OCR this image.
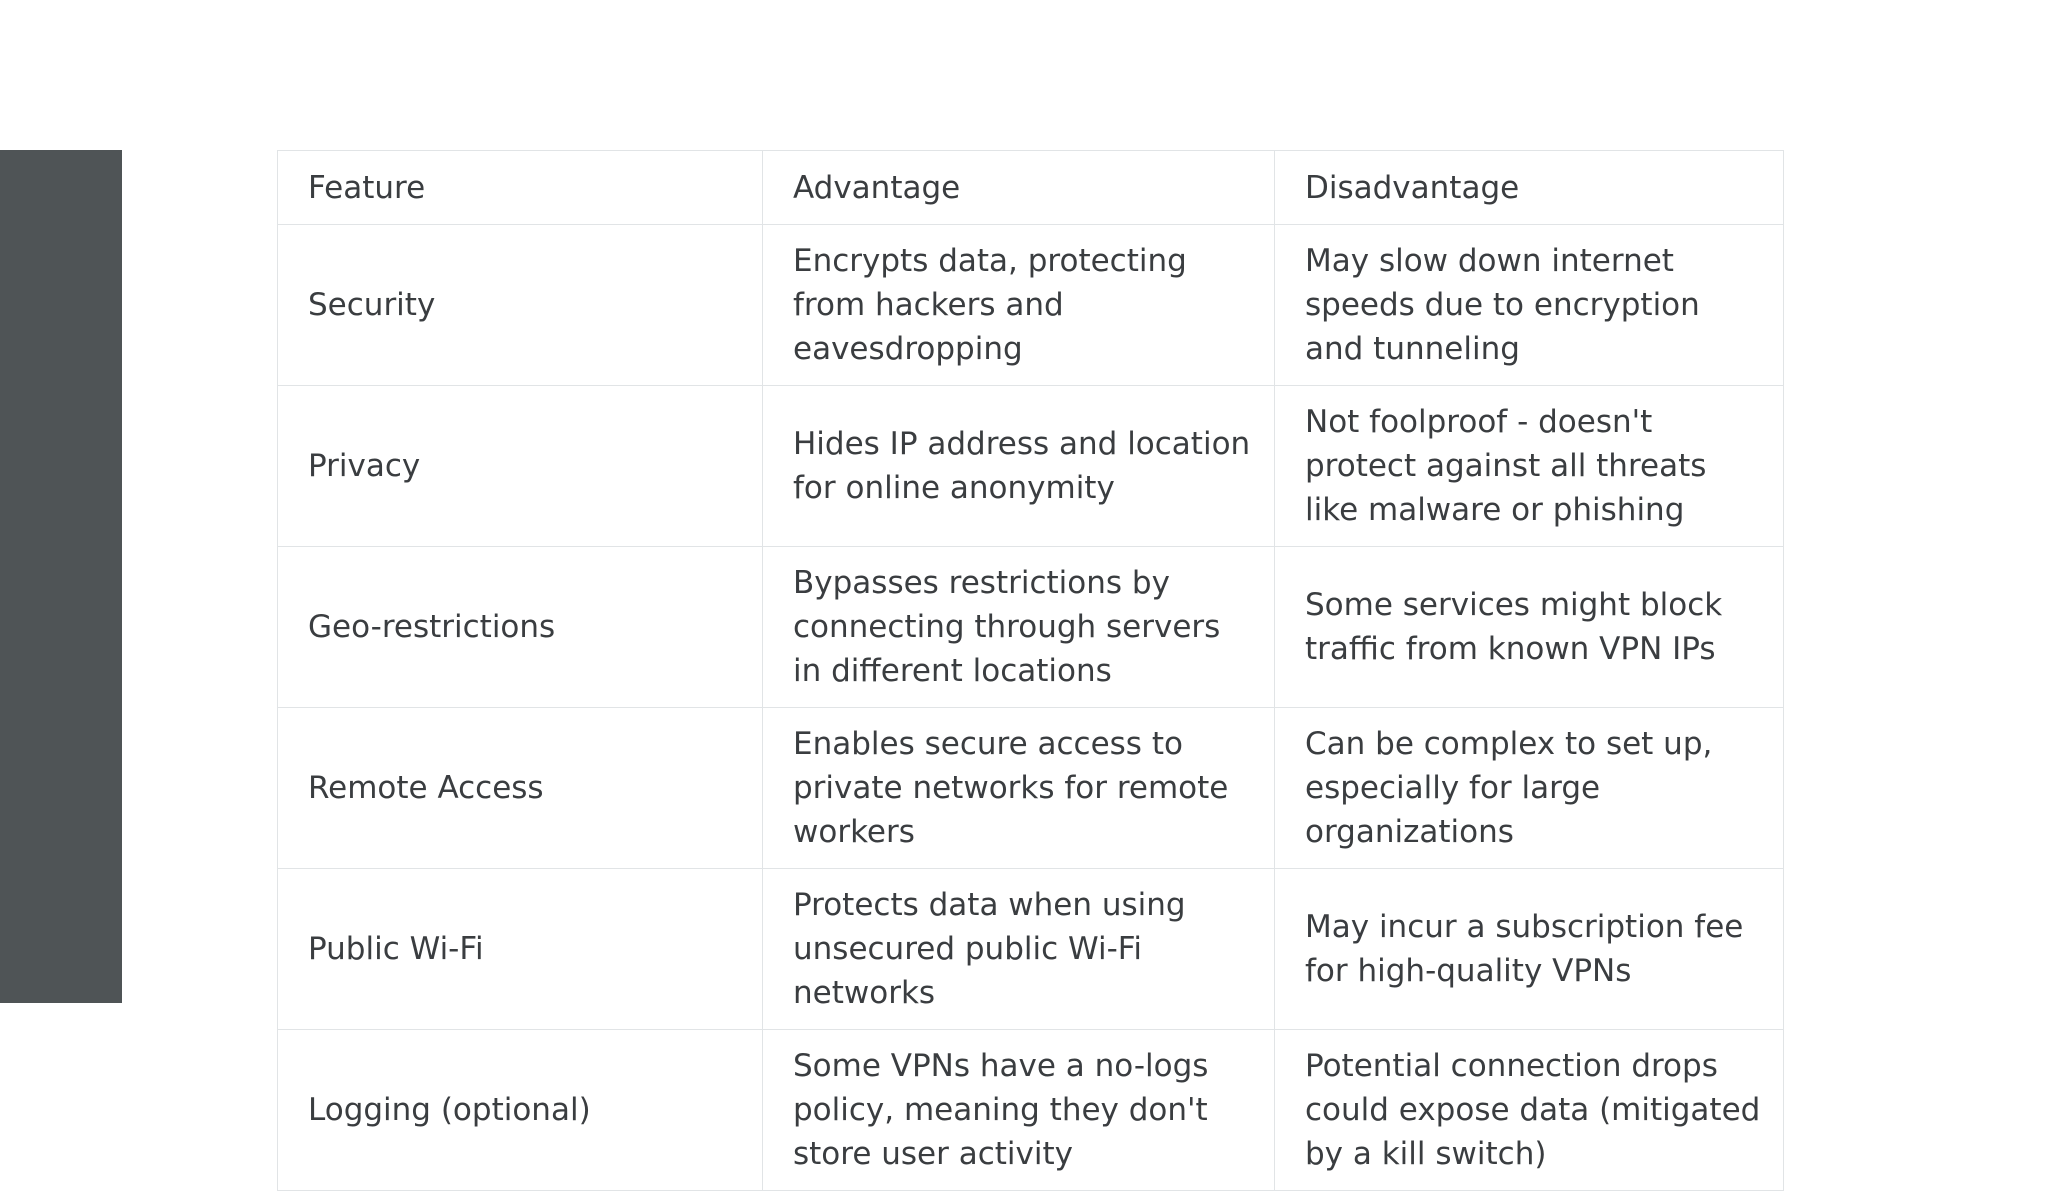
Feature	Advantage	Disadvantage
Security	Encrypts data, protecting from hackers and eavesdropping	May slow down internet speeds due to encryption and tunneling
Privacy	Hides IP address and location for online anonymity	Not foolproof - doesn't protect against all threats like malware or phishing
Geo-restrictions	Bypasses restrictions by connecting through servers in different locations	Some services might block traffic from known VPN IPs
Remote Access	Enables secure access to private networks for remote workers	Can be complex to set up, especially for large organizations
Public Wi-Fi	Protects data when using unsecured public Wi-Fi networks	May incur a subscription fee for high-quality VPNs
Logging (optional)	Some VPNs have a no-logs policy, meaning they don't store user activity	Potential connection drops could expose data (mitigated by a kill switch)
